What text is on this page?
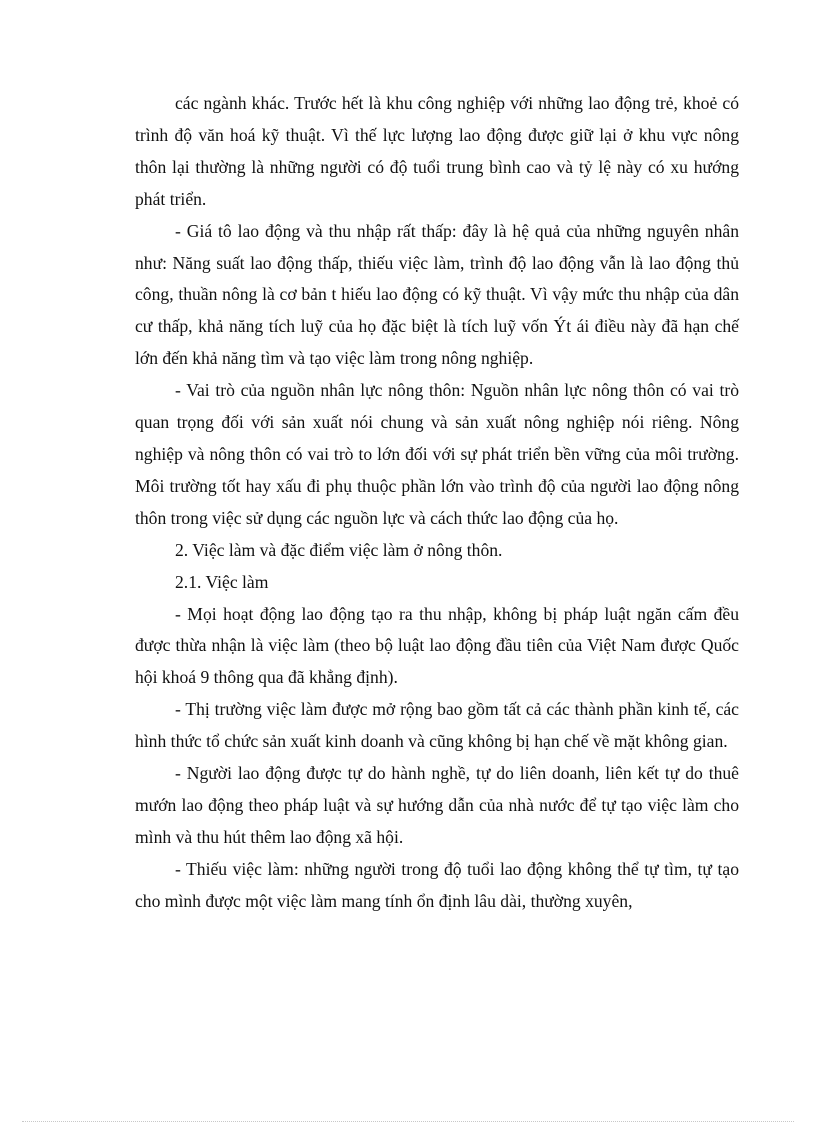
các ngành khác. Trước hết là khu công nghiệp với những lao động trẻ, khoẻ có trình độ văn hoá kỹ thuật. Vì thế lực lượng lao động được giữ lại ở khu vực nông thôn lại thường là những người có độ tuổi trung bình cao và tỷ lệ này có xu hướng phát triển.

- Giá tô lao động và thu nhập rất thấp: đây là hệ quả của những nguyên nhân như: Năng suất lao động thấp, thiếu việc làm, trình độ lao động vẫn là lao động thủ công, thuần nông là cơ bản t hiếu lao động có kỹ thuật. Vì vậy mức thu nhập của dân cư thấp, khả năng tích luỹ của họ đặc biệt là tích luỹ vốn Ýt ái điều này đã hạn chế lớn đến khả năng tìm và tạo việc làm trong nông nghiệp.

- Vai trò của nguồn nhân lực nông thôn: Nguồn nhân lực nông thôn có vai trò quan trọng đối với sản xuất nói chung và sản xuất nông nghiệp nói riêng. Nông nghiệp và nông thôn có vai trò to lớn đối với sự phát triển bền vững của môi trường. Môi trường tốt hay xấu đi phụ thuộc phần lớn vào trình độ của người lao động nông thôn trong việc sử dụng các nguồn lực và cách thức lao động của họ.

2. Việc làm và đặc điểm việc làm ở nông thôn.

2.1. Việc làm

- Mọi hoạt động lao động tạo ra thu nhập, không bị pháp luật ngăn cấm đều được thừa nhận là việc làm (theo bộ luật lao động đầu tiên của Việt Nam được Quốc hội khoá 9 thông qua đã khẳng định).

- Thị trường việc làm được mở rộng bao gồm tất cả các thành phần kinh tế, các hình thức tổ chức sản xuất kinh doanh và cũng không bị hạn chế về mặt không gian.

- Người lao động được tự do hành nghề, tự do liên doanh, liên kết tự do thuê mướn lao động theo pháp luật và sự hướng dẫn của nhà nước để tự tạo việc làm cho mình và thu hút thêm lao động xã hội.

- Thiếu việc làm: những người trong độ tuổi lao động không thể tự tìm, tự tạo cho mình được một việc làm mang tính ổn định lâu dài, thường xuyên,
